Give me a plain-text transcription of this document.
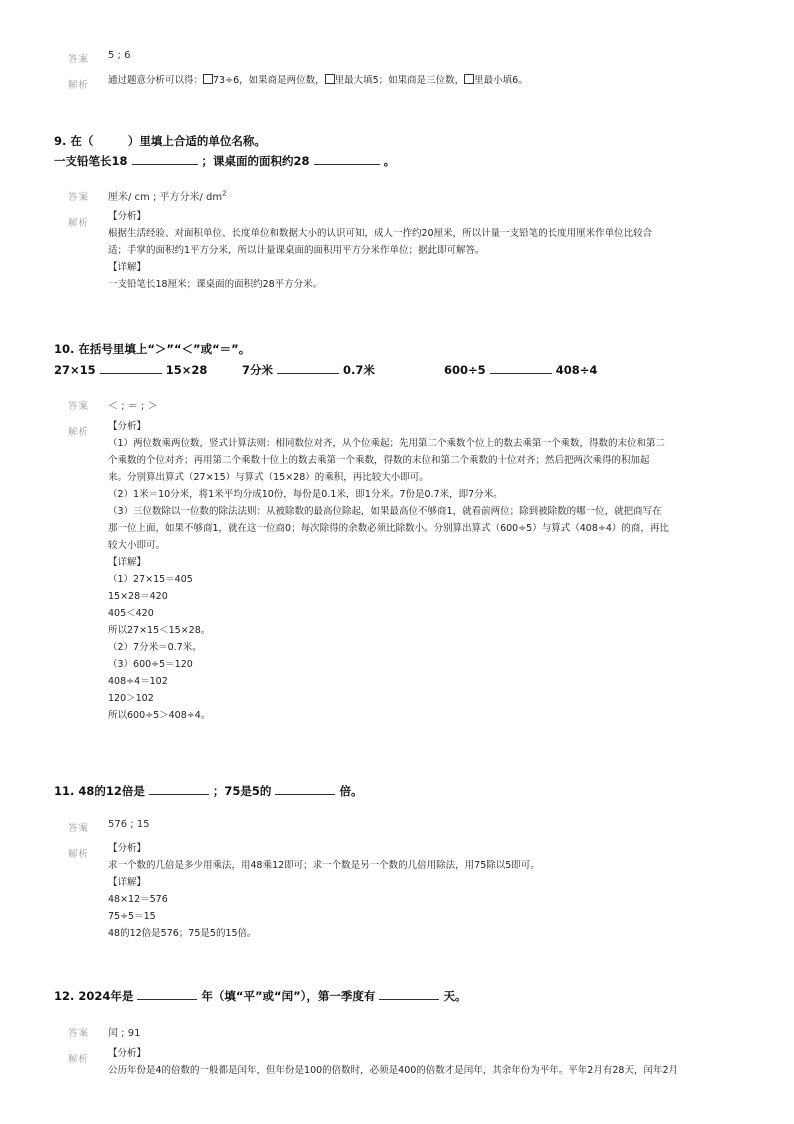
答案 5 ; 6
解析 通过题意分析可以得： 73÷6，如果商是两位数， 里最大填5；如果商是三位数， 里最小填6。
9. 在（　　　）里填上合适的单位名称。
一支铅笔长18	；课桌面的面积约28	。
答案 厘米/ cm ; 平方分米/ $dm^2$
解析
【分析】
根据生活经验、对面积单位、长度单位和数据大小的认识可知，成人一拃约20厘米，所以计量一支铅笔的长度用厘米作单位比较合
适；手掌的面积约1平方分米，所以计量课桌面的面积用平方分米作单位；据此即可解答。
【详解】
一支铅笔长18厘米；课桌面的面积约28平方分米。
10. 在括号里填上“＞”“＜”或“＝”。
27×15	15×28	7分米	0.7米	600÷5	408÷4
答案 ＜ ; ＝ ; ＞
解析
【分析】
（1）两位数乘两位数，竖式计算法则：相同数位对齐，从个位乘起；先用第二个乘数个位上的数去乘第一个乘数，得数的末位和第二
个乘数的个位对齐；再用第二个乘数十位上的数去乘第一个乘数，得数的末位和第二个乘数的十位对齐；然后把两次乘得的积加起
来。分别算出算式（27×15）与算式（15×28）的乘积，再比较大小即可。
（2）1米＝10分米，将1米平均分成10份，每份是0.1米，即1分米。7份是0.7米，即7分米。
（3）三位数除以一位数的除法法则：从被除数的最高位除起，如果最高位不够商1，就看前两位；除到被除数的哪一位，就把商写在
那一位上面，如果不够商1，就在这一位商0；每次除得的余数必须比除数小。分别算出算式（600÷5）与算式（408÷4）的商，再比
较大小即可。
【详解】
（1）27×15＝405
15×28＝420
405＜420
所以27×15＜15×28。
（2）7分米＝0.7米。
（3）600÷5＝120
408÷4＝102
120＞102
所以600÷5＞408÷4。
11. 48的12倍是	；75是5的	倍。
答案 576 ; 15
解析
【分析】
求一个数的几倍是多少用乘法，用48乘12即可；求一个数是另一个数的几倍用除法，用75除以5即可。
【详解】
48×12＝576
75÷5＝15
48的12倍是576；75是5的15倍。
12. 2024年是	年（填“平”或“闰”），第一季度有	天。
答案 闰 ; 91
解析
【分析】
公历年份是4的倍数的一般都是闰年，但年份是100的倍数时，必须是400的倍数才是闰年，其余年份为平年。平年2月有28天，闰年2月
